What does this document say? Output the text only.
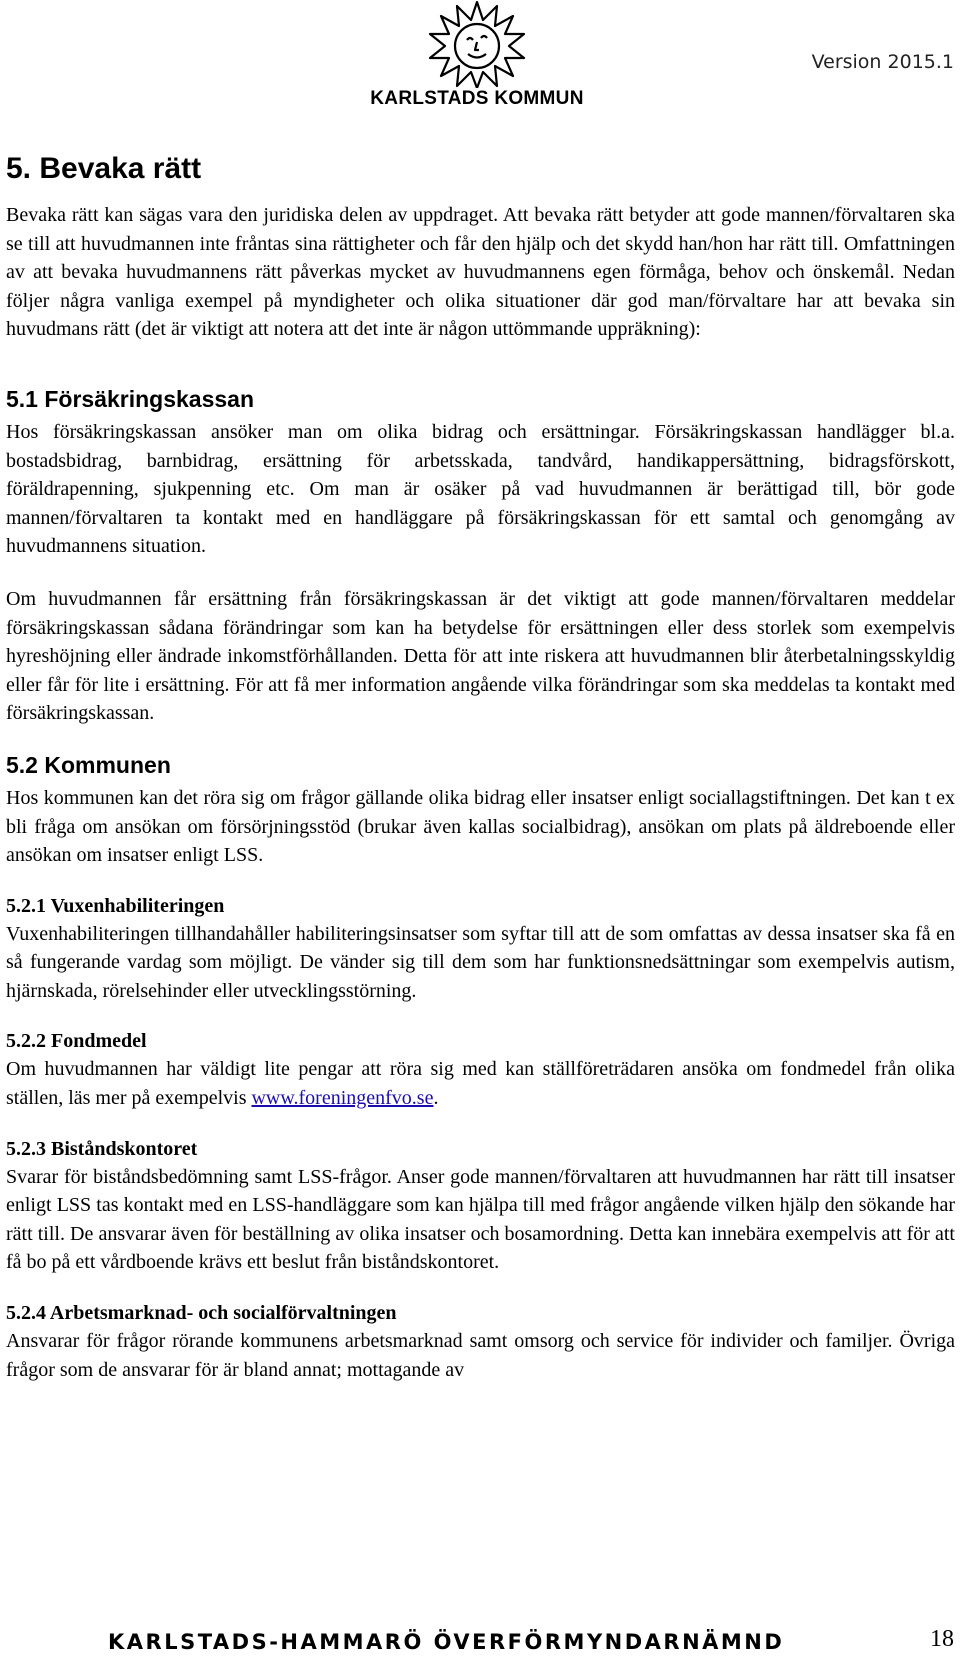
KARLSTADS KOMMUN
Version 2015.1
5. Bevaka rätt

Bevaka rätt kan sägas vara den juridiska delen av uppdraget. Att bevaka rätt betyder att gode mannen/förvaltaren ska se till att huvudmannen inte fråntas sina rättigheter och får den hjälp och det skydd han/hon har rätt till. Omfattningen av att bevaka huvudmannens rätt påverkas mycket av huvudmannens egen förmåga, behov och önskemål. Nedan följer några vanliga exempel på myndigheter och olika situationer där god man/förvaltare har att bevaka sin huvudmans rätt (det är viktigt att notera att det inte är någon uttömmande uppräkning):

5.1 Försäkringskassan

Hos försäkringskassan ansöker man om olika bidrag och ersättningar. Försäkringskassan handlägger bl.a. bostadsbidrag, barnbidrag, ersättning för arbetsskada, tandvård, handikappersättning, bidragsförskott, föräldrapenning, sjukpenning etc. Om man är osäker på vad huvudmannen är berättigad till, bör gode mannen/förvaltaren ta kontakt med en handläggare på försäkringskassan för ett samtal och genomgång av huvudmannens situation.

Om huvudmannen får ersättning från försäkringskassan är det viktigt att gode mannen/förvaltaren meddelar försäkringskassan sådana förändringar som kan ha betydelse för ersättningen eller dess storlek som exempelvis hyreshöjning eller ändrade inkomstförhållanden. Detta för att inte riskera att huvudmannen blir återbetalningsskyldig eller får för lite i ersättning. För att få mer information angående vilka förändringar som ska meddelas ta kontakt med försäkringskassan.

5.2 Kommunen

Hos kommunen kan det röra sig om frågor gällande olika bidrag eller insatser enligt sociallagstiftningen. Det kan t ex bli fråga om ansökan om försörjningsstöd (brukar även kallas socialbidrag), ansökan om plats på äldreboende eller ansökan om insatser enligt LSS.

5.2.1 Vuxenhabiliteringen

Vuxenhabiliteringen tillhandahåller habiliteringsinsatser som syftar till att de som omfattas av dessa insatser ska få en så fungerande vardag som möjligt. De vänder sig till dem som har funktionsnedsättningar som exempelvis autism, hjärnskada, rörelsehinder eller utvecklingsstörning.

5.2.2 Fondmedel

Om huvudmannen har väldigt lite pengar att röra sig med kan ställföreträdaren ansöka om fondmedel från olika ställen, läs mer på exempelvis www.foreningenfvo.se.

5.2.3 Biståndskontoret

Svarar för biståndsbedömning samt LSS-frågor. Anser gode mannen/förvaltaren att huvudmannen har rätt till insatser enligt LSS tas kontakt med en LSS-handläggare som kan hjälpa till med frågor angående vilken hjälp den sökande har rätt till. De ansvarar även för beställning av olika insatser och bosamordning. Detta kan innebära exempelvis att för att få bo på ett vårdboende krävs ett beslut från biståndskontoret.

5.2.4 Arbetsmarknad- och socialförvaltningen

Ansvarar för frågor rörande kommunens arbetsmarknad samt omsorg och service för individer och familjer. Övriga frågor som de ansvarar för är bland annat; mottagande av

KARLSTADS-HAMMARÖ ÖVERFÖRMYNDARNÄMND	18
